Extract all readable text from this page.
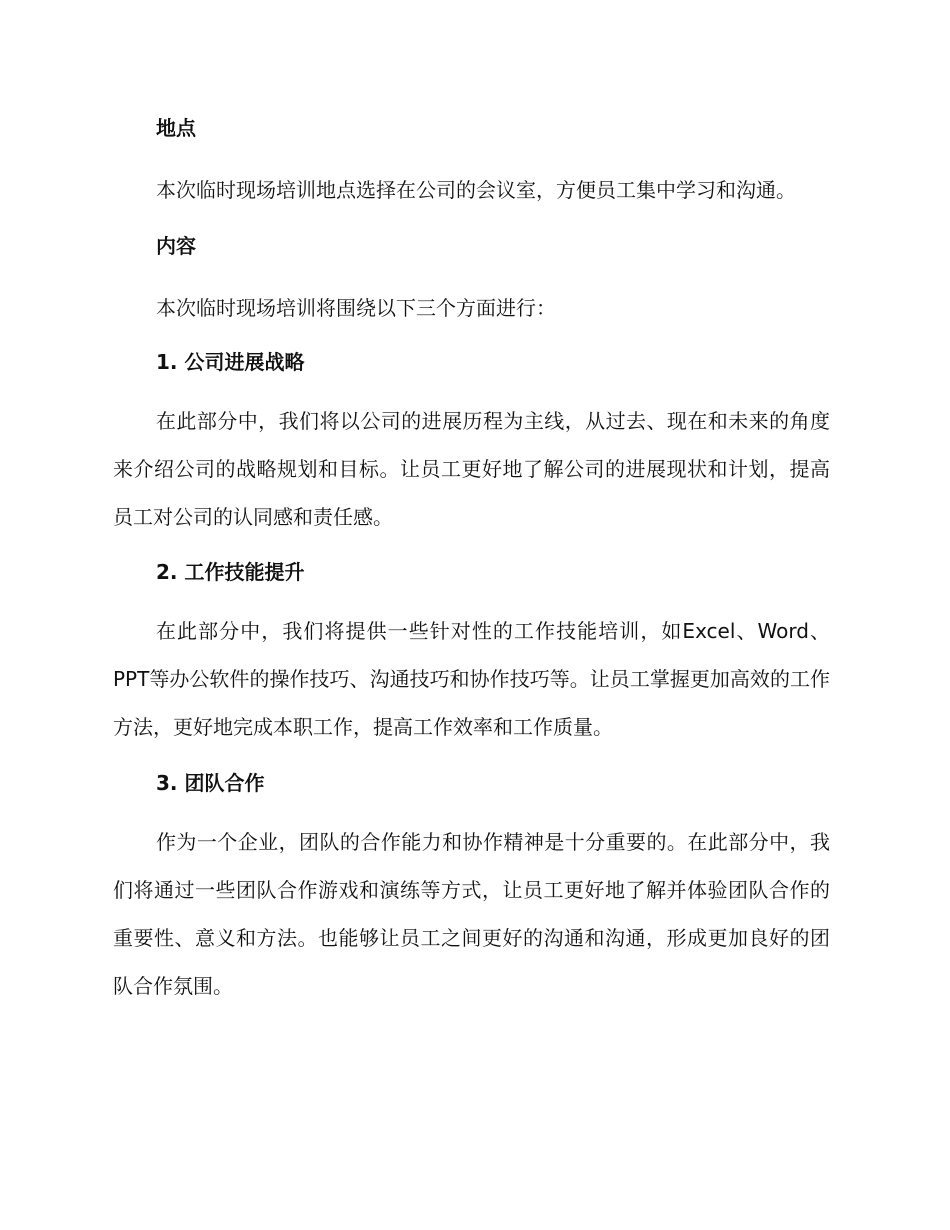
地点

本次临时现场培训地点选择在公司的会议室，方便员工集中学习和沟通。

内容

本次临时现场培训将围绕以下三个方面进行：

1. 公司进展战略

在此部分中，我们将以公司的进展历程为主线，从过去、现在和未来的角度来介绍公司的战略规划和目标。让员工更好地了解公司的进展现状和计划，提高员工对公司的认同感和责任感。

2. 工作技能提升

在此部分中，我们将提供一些针对性的工作技能培训，如Excel、Word、PPT等办公软件的操作技巧、沟通技巧和协作技巧等。让员工掌握更加高效的工作方法，更好地完成本职工作，提高工作效率和工作质量。

3. 团队合作

作为一个企业，团队的合作能力和协作精神是十分重要的。在此部分中，我们将通过一些团队合作游戏和演练等方式，让员工更好地了解并体验团队合作的重要性、意义和方法。也能够让员工之间更好的沟通和沟通，形成更加良好的团队合作氛围。
